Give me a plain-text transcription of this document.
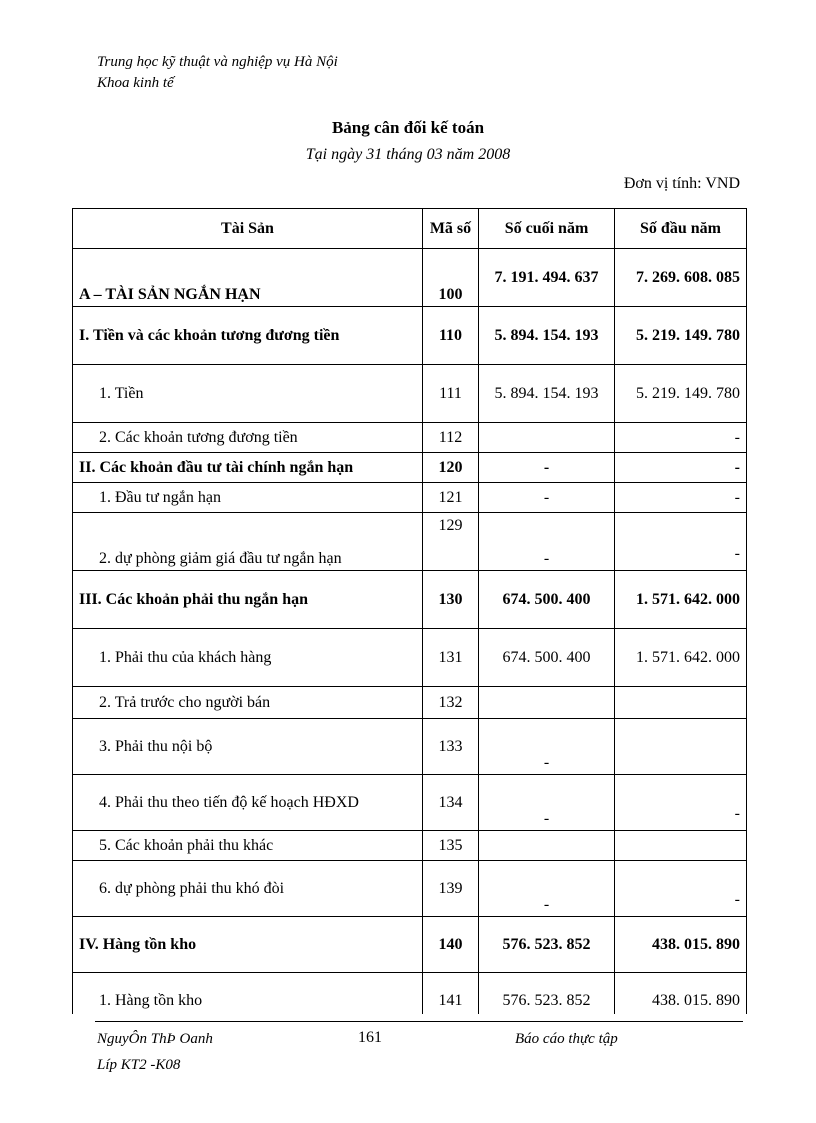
Trung học kỹ thuật và nghiệp vụ Hà Nội
Khoa kinh tế
Bảng cân đối kế toán
Tại ngày 31 tháng 03 năm 2008
Đơn vị tính: VND
Tài Sản	Mã số	Số cuối năm	Số đầu năm
A – TÀI SẢN NGẮN HẠN	100	7. 191. 494. 637	7. 269. 608. 085
I. Tiền và các khoản tương đương tiền	110	5. 894. 154. 193	5. 219. 149. 780
1. Tiền	111	5. 894. 154. 193	5. 219. 149. 780
2. Các khoản tương đương tiền	112		-
II. Các khoản đầu tư tài chính ngắn hạn	120	-	-
1. Đầu tư ngắn hạn	121	-	-
2. dự phòng giảm giá đầu tư ngắn hạn	129	-	-
III. Các khoản phải thu ngắn hạn	130	674. 500. 400	1. 571. 642. 000
1. Phải thu của khách hàng	131	674. 500. 400	1. 571. 642. 000
2. Trả trước cho người bán	132		
3. Phải thu nội bộ	133	-	
4. Phải thu theo tiến độ kế hoạch HĐXD	134	-	-
5. Các khoản phải thu khác	135		
6. dự phòng phải thu khó đòi	139	-	-
IV. Hàng tồn kho	140	576. 523. 852	438. 015. 890
1. Hàng tồn kho	141	576. 523. 852	438. 015. 890
NguyÔn ThÞ Oanh
Líp KT2 -K08
161	Báo cáo thực tập
